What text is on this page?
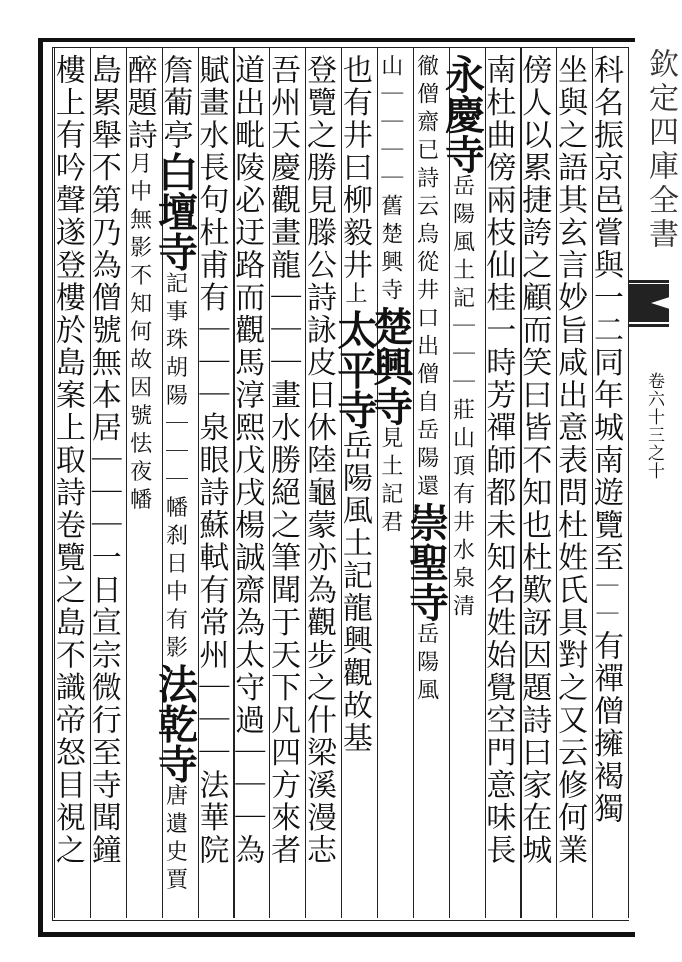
欽定四庫全書
卷六十三之十
科名振京邑嘗與一二同年城南遊覽至｜｜有禪僧擁褐獨
坐與之語其玄言妙旨咸出意表問杜姓氏具對之又云修何業
傍人以累捷誇之顧而笑曰皆不知也杜歎訝因題詩曰家在城
南杜曲傍兩枝仙桂一時芳禪師都未知名姓始覺空門意味長
永慶寺岳陽風土記｜｜｜莊山頂有井水泉清
徹僧齋已詩云烏從井口出僧自岳陽還崇聖寺岳陽風
山｜｜｜｜舊楚興寺楚興寺見土記君
也有井曰柳毅井上太平寺岳陽風土記龍興觀故基
登覽之勝見滕公詩詠皮日休陸龜蒙亦為觀步之什梁溪漫志
吾州天慶觀畫龍｜｜｜畫水勝絕之筆聞于天下凡四方來者
道出毗陵必迂路而觀馬淳熙戊戌楊誠齋為太守過｜｜｜為
賦畫水長句杜甫有｜｜｜泉眼詩蘇軾有常州｜｜｜法華院
詹葡亭白壇寺記事珠胡陽｜｜｜幡刹日中有影法乾寺唐遺史賈
醉題詩月中無影不知何故因號怯夜幡
島累舉不第乃為僧號無本居｜｜｜一日宣宗微行至寺聞鐘
樓上有吟聲遂登樓於島案上取詩卷覽之島不識帝怒目視之
